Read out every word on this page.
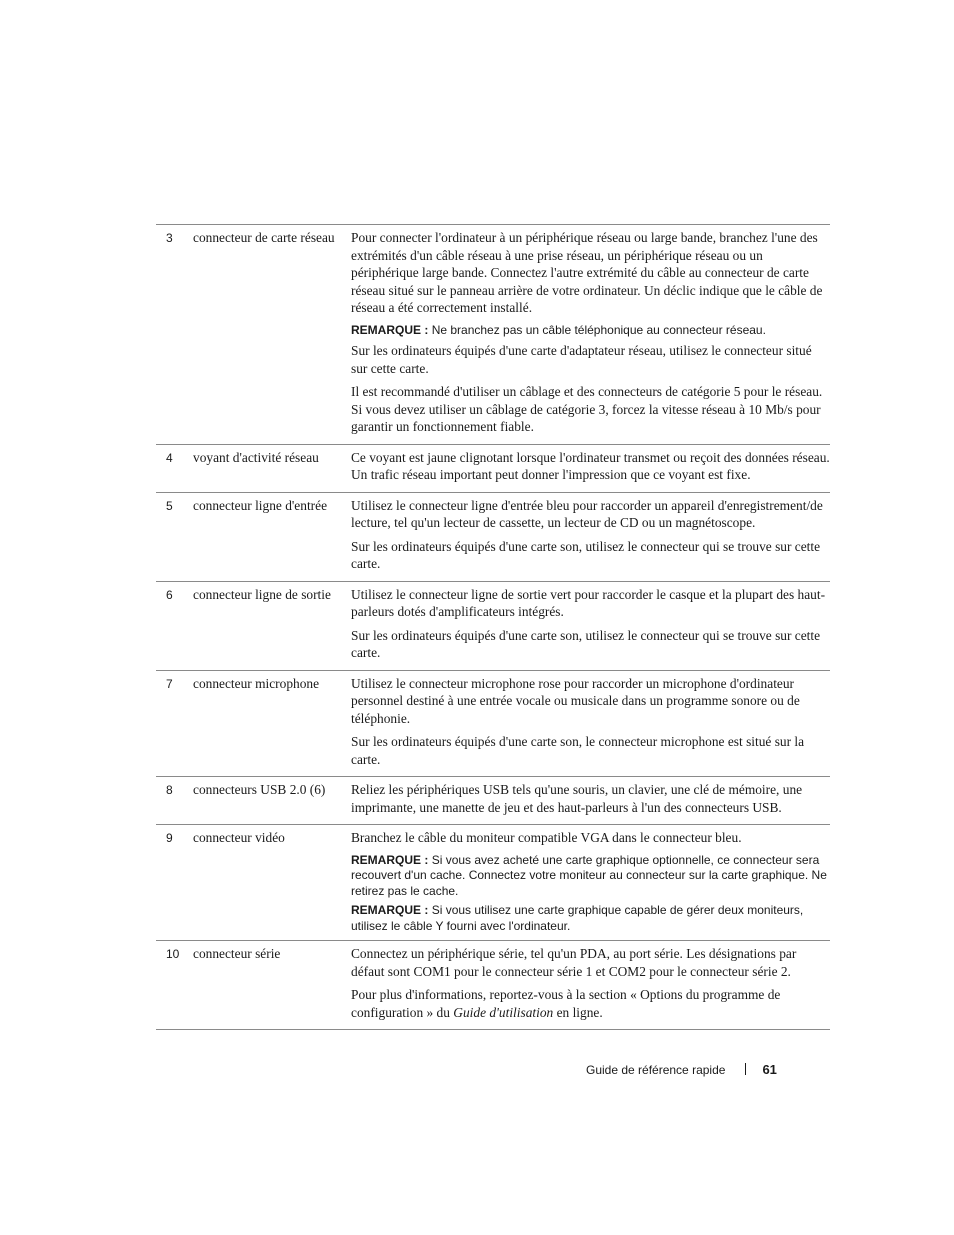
3	connecteur de carte réseau	Pour connecter l'ordinateur à un périphérique réseau ou large bande, branchez l'une des extrémités d'un câble réseau à une prise réseau, un périphérique réseau ou un périphérique large bande. Connectez l'autre extrémité du câble au connecteur de carte réseau situé sur le panneau arrière de votre ordinateur. Un déclic indique que le câble de réseau a été correctement installé.
REMARQUE : Ne branchez pas un câble téléphonique au connecteur réseau.
Sur les ordinateurs équipés d'une carte d'adaptateur réseau, utilisez le connecteur situé sur cette carte.
Il est recommandé d'utiliser un câblage et des connecteurs de catégorie 5 pour le réseau. Si vous devez utiliser un câblage de catégorie 3, forcez la vitesse réseau à 10 Mb/s pour garantir un fonctionnement fiable.
4	voyant d'activité réseau	Ce voyant est jaune clignotant lorsque l'ordinateur transmet ou reçoit des données réseau. Un trafic réseau important peut donner l'impression que ce voyant est fixe.
5	connecteur ligne d'entrée	Utilisez le connecteur ligne d'entrée bleu pour raccorder un appareil d'enregistrement/de lecture, tel qu'un lecteur de cassette, un lecteur de CD ou un magnétoscope.
Sur les ordinateurs équipés d'une carte son, utilisez le connecteur qui se trouve sur cette carte.
6	connecteur ligne de sortie	Utilisez le connecteur ligne de sortie vert pour raccorder le casque et la plupart des haut-parleurs dotés d'amplificateurs intégrés.
Sur les ordinateurs équipés d'une carte son, utilisez le connecteur qui se trouve sur cette carte.
7	connecteur microphone	Utilisez le connecteur microphone rose pour raccorder un microphone d'ordinateur personnel destiné à une entrée vocale ou musicale dans un programme sonore ou de téléphonie.
Sur les ordinateurs équipés d'une carte son, le connecteur microphone est situé sur la carte.
8	connecteurs USB 2.0 (6)	Reliez les périphériques USB tels qu'une souris, un clavier, une clé de mémoire, une imprimante, une manette de jeu et des haut-parleurs à l'un des connecteurs USB.
9	connecteur vidéo	Branchez le câble du moniteur compatible VGA dans le connecteur bleu.
REMARQUE : Si vous avez acheté une carte graphique optionnelle, ce connecteur sera recouvert d'un cache. Connectez votre moniteur au connecteur sur la carte graphique. Ne retirez pas le cache.
REMARQUE : Si vous utilisez une carte graphique capable de gérer deux moniteurs, utilisez le câble Y fourni avec l'ordinateur.
10	connecteur série	Connectez un périphérique série, tel qu'un PDA, au port série. Les désignations par défaut sont COM1 pour le connecteur série 1 et COM2 pour le connecteur série 2.
Pour plus d'informations, reportez-vous à la section « Options du programme de configuration » du Guide d'utilisation en ligne.
Guide de référence rapide	61
